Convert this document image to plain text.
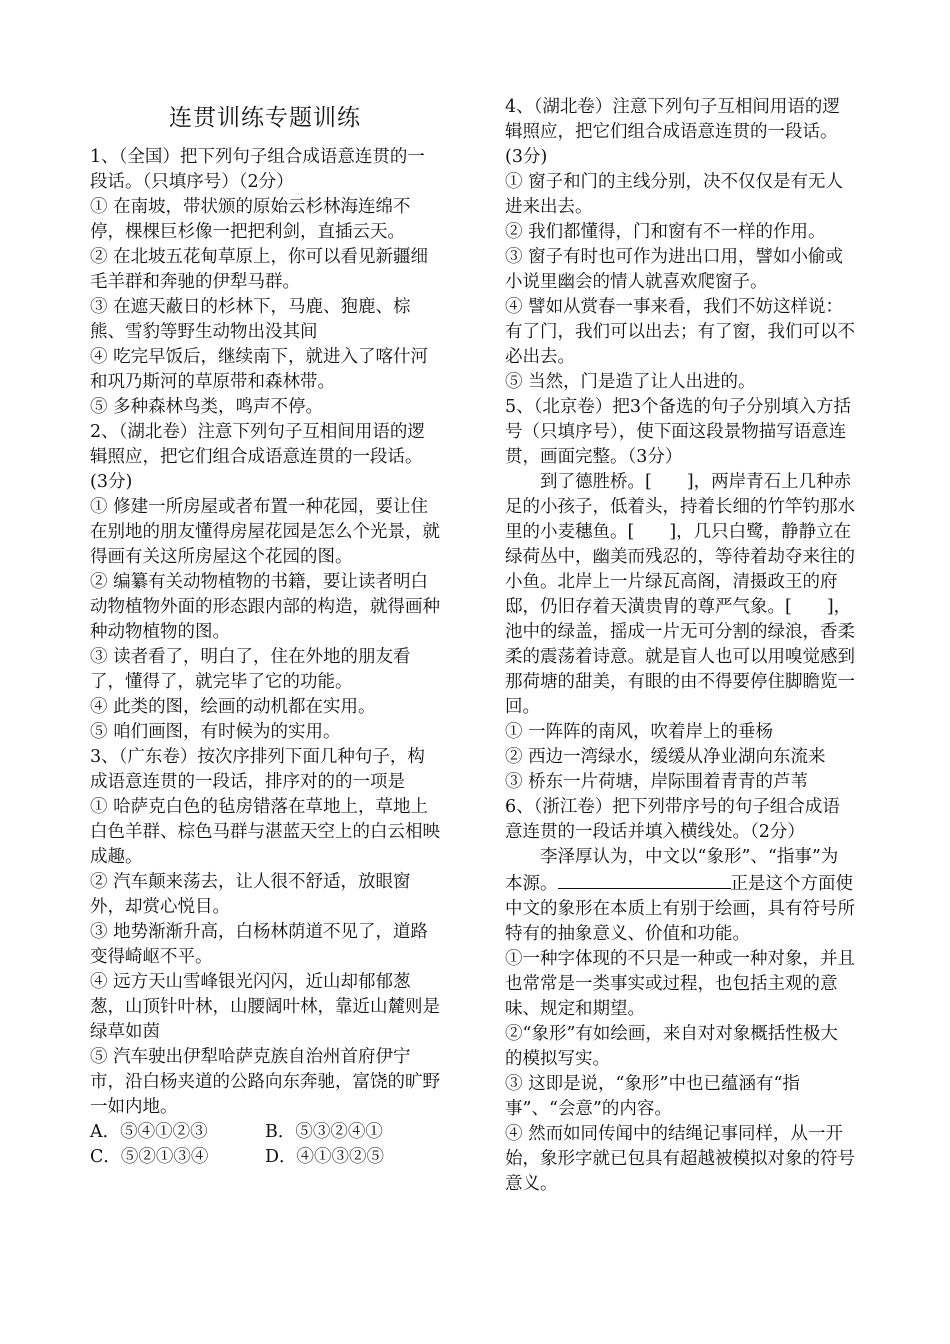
连贯训练专题训练

1、（全国）把下列句子组合成语意连贯的一段话。（只填序号）（2分）

① 在南坡，带状颁的原始云杉林海连绵不停，棵棵巨杉像一把把利剑，直插云天。

② 在北坡五花甸草原上，你可以看见新疆细毛羊群和奔驰的伊犁马群。

③ 在遮天蔽日的杉林下，马鹿、狍鹿、棕熊、雪豹等野生动物出没其间

④ 吃完早饭后，继续南下，就进入了喀什河和巩乃斯河的草原带和森林带。

⑤ 多种森林鸟类，鸣声不停。

2、（湖北卷）注意下列句子互相间用语的逻辑照应，把它们组合成语意连贯的一段话。(3分)

① 修建一所房屋或者布置一种花园，要让住在别地的朋友懂得房屋花园是怎么个光景，就得画有关这所房屋这个花园的图。

② 编纂有关动物植物的书籍，要让读者明白动物植物外面的形态跟内部的构造，就得画种种动物植物的图。

③ 读者看了，明白了，住在外地的朋友看了，懂得了，就完毕了它的功能。

④ 此类的图，绘画的动机都在实用。

⑤ 咱们画图，有时候为的实用。

3、（广东卷）按次序排列下面几种句子，构成语意连贯的一段话，排序对的的一项是

① 哈萨克白色的毡房错落在草地上，草地上白色羊群、棕色马群与湛蓝天空上的白云相映成趣。

② 汽车颠来荡去，让人很不舒适，放眼窗外，却赏心悦目。

③ 地势渐渐升高，白杨林荫道不见了，道路变得崎岖不平。

④ 远方天山雪峰银光闪闪，近山却郁郁葱葱，山顶针叶林，山腰阔叶林，靠近山麓则是绿草如茵

⑤ 汽车驶出伊犁哈萨克族自治州首府伊宁市，沿白杨夹道的公路向东奔驰，富饶的旷野一如内地。

A．⑤④①②③	B．⑤③②④①
C．⑤②①③④	D．④①③②⑤

4、（湖北卷）注意下列句子互相间用语的逻辑照应，把它们组合成语意连贯的一段话。(3分)

① 窗子和门的主线分别，决不仅仅是有无人进来出去。

② 我们都懂得，门和窗有不一样的作用。

③ 窗子有时也可作为进出口用，譬如小偷或小说里幽会的情人就喜欢爬窗子。

④ 譬如从赏春一事来看，我们不妨这样说：有了门，我们可以出去；有了窗，我们可以不必出去。

⑤ 当然，门是造了让人出进的。

5、（北京卷）把3个备选的句子分别填入方括号（只填序号），使下面这段景物描写语意连贯，画面完整。（3分）

到了德胜桥。[　　]，两岸青石上几种赤足的小孩子，低着头，持着长细的竹竿钓那水里的小麦穗鱼。[　　]，几只白鹭，静静立在绿荷丛中，幽美而残忍的，等待着劫夺来往的小鱼。北岸上一片绿瓦高阁，清摄政王的府邸，仍旧存着天潢贵胄的尊严气象。[　　]，池中的绿盖，摇成一片无可分割的绿浪，香柔柔的震荡着诗意。就是盲人也可以用嗅觉感到那荷塘的甜美，有眼的由不得要停住脚瞻览一回。

① 一阵阵的南风，吹着岸上的垂杨

② 西边一湾绿水，缓缓从净业湖向东流来

③ 桥东一片荷塘，岸际围着青青的芦苇

6、（浙江卷）把下列带序号的句子组合成语意连贯的一段话并填入横线处。（2分）

李泽厚认为，中文以“象形”、“指事”为本源。	正是这个方面使中文的象形在本质上有别于绘画，具有符号所特有的抽象意义、价值和功能。

①一种字体现的不只是一种或一种对象，并且也常常是一类事实或过程，也包括主观的意味、规定和期望。

②“象形”有如绘画，来自对对象概括性极大的模拟写实。

③ 这即是说，“象形”中也已蕴涵有“指事”、“会意”的内容。

④ 然而如同传闻中的结绳记事同样，从一开始，象形字就已包具有超越被模拟对象的符号意义。
